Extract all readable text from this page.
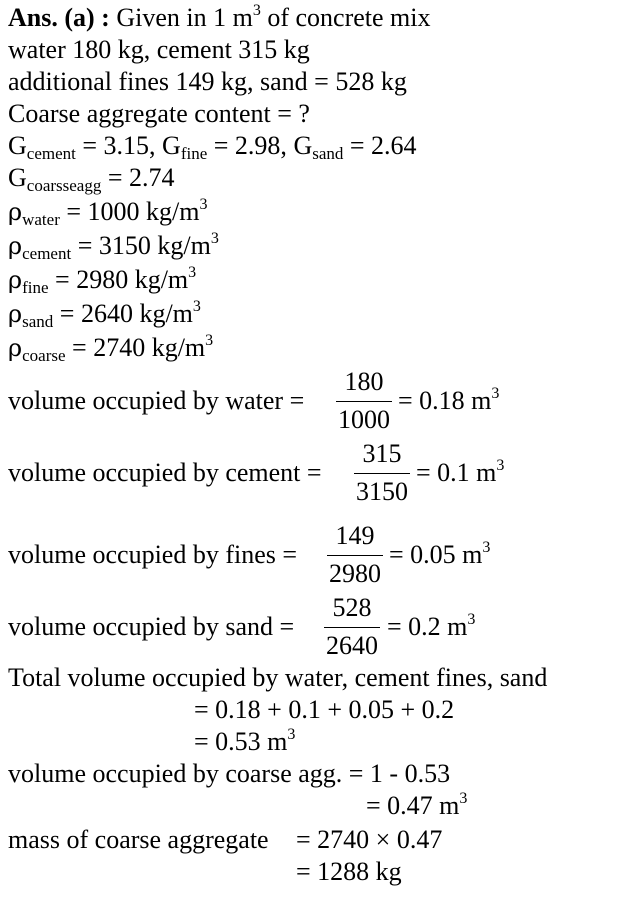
Ans. (a) : Given in 1 $m^3$ of concrete mix
water 180 kg, cement 315 kg
additional fines 149 kg, sand = 528 kg
Coarse aggregate content = ?
$G_{cement} = 3.15$, $G_{fine} = 2.98$, $G_{sand} = 2.64$
$G_{coarsseagg} = 2.74$
$\rho_{water} = 1000$ $kg/m^3$
$\rho_{cement} = 3150$ $kg/m^3$
$\rho_{fine} = 2980$ $kg/m^3$
$\rho_{sand} = 2640$ $kg/m^3$
$\rho_{coarse} = 2740$ $kg/m^3$
volume occupied by water =
180
1000
= 0.18 $m^3$
volume occupied by cement =
315
3150
= 0.1 $m^3$
volume occupied by fines =
149
2980
= 0.05 $m^3$
volume occupied by sand =
528
2640
= 0.2 $m^3$
Total volume occupied by water, cement fines, sand
= 0.18 + 0.1 + 0.05 + 0.2
= 0.53 $m^3$
volume occupied by coarse agg. = 1 - 0.53
= 0.47 $m^3$
mass of coarse aggregate = 2740 × 0.47
= 1288 kg
